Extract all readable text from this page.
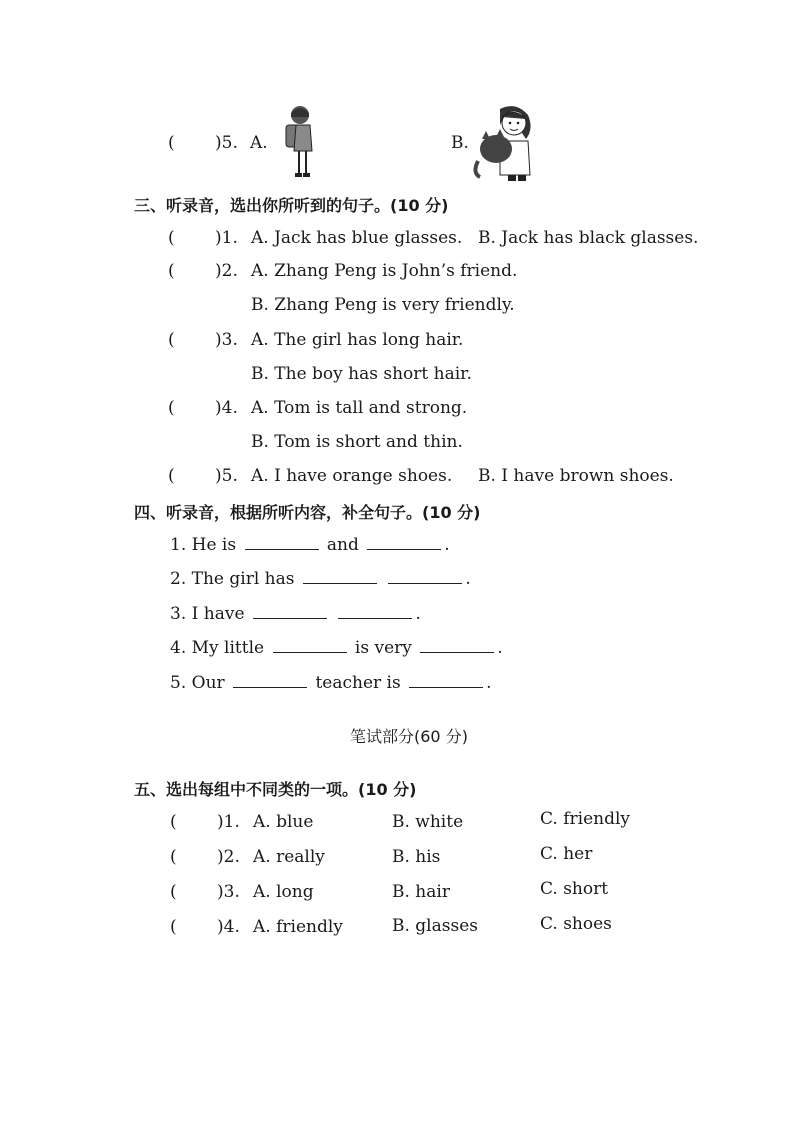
( )5. A.	B.
三、听录音，选出你所听到的句子。(10 分)
( )1. A. Jack has blue glasses. B. Jack has black glasses.
( )2. A. Zhang Peng is John’s friend.
B. Zhang Peng is very friendly.
( )3. A. The girl has long hair.
B. The boy has short hair.
( )4. A. Tom is tall and strong.
B. Tom is short and thin.
( )5. A. I have orange shoes. B. I have brown shoes.
四、听录音，根据所听内容，补全句子。(10 分)
1. He is	and	.
2. The girl has	.
3. I have	.
4. My little	is very	.
5. Our	teacher is	.
笔试部分(60 分)
五、选出每组中不同类的一项。(10 分)
( )1. A. blue	B. white	C. friendly
( )2. A. really	B. his	C. her
( )3. A. long	B. hair	C. short
( )4. A. friendly	B. glasses	C. shoes
